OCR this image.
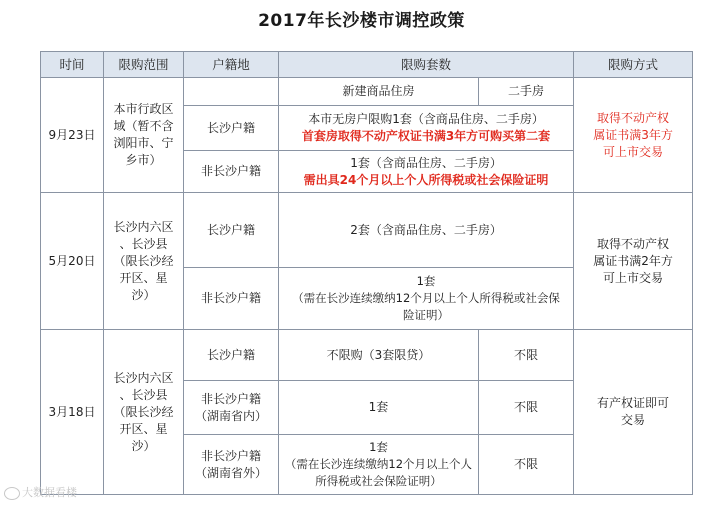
2017年长沙楼市调控政策
时间	限购范围	户籍地	限购套数		限购方式
9月23日	本市行政区
域（暂不含
浏阳市、宁
乡市）		新建商品住房	二手房	取得不动产权
属证书满3年方
可上市交易

		长沙户籍	本市无房户限购1套（含商品住房、二手房）
首套房取得不动产权证书满3年方可购买第二套		

		非长沙户籍	1套（含商品住房、二手房）
需出具24个月以上个人所得税或社会保险证明		

5月20日	长沙内六区
、长沙县
（限长沙经
开区、星
沙）	长沙户籍	2套（含商品住房、二手房）		取得不动产权
属证书满2年方
可上市交易

		非长沙户籍	1套
（需在长沙连续缴纳12个月以上个人所得税或社会保
险证明）		

3月18日	长沙内六区
、长沙县
（限长沙经
开区、星
沙）	长沙户籍	不限购（3套限贷）	不限	有产权证即可
交易

		非长沙户籍
（湖南省内）	1套	不限	

		非长沙户籍
（湖南省外）	1套
（需在长沙连续缴纳12个月以上个人
所得税或社会保险证明）	不限	
大数据看楼
